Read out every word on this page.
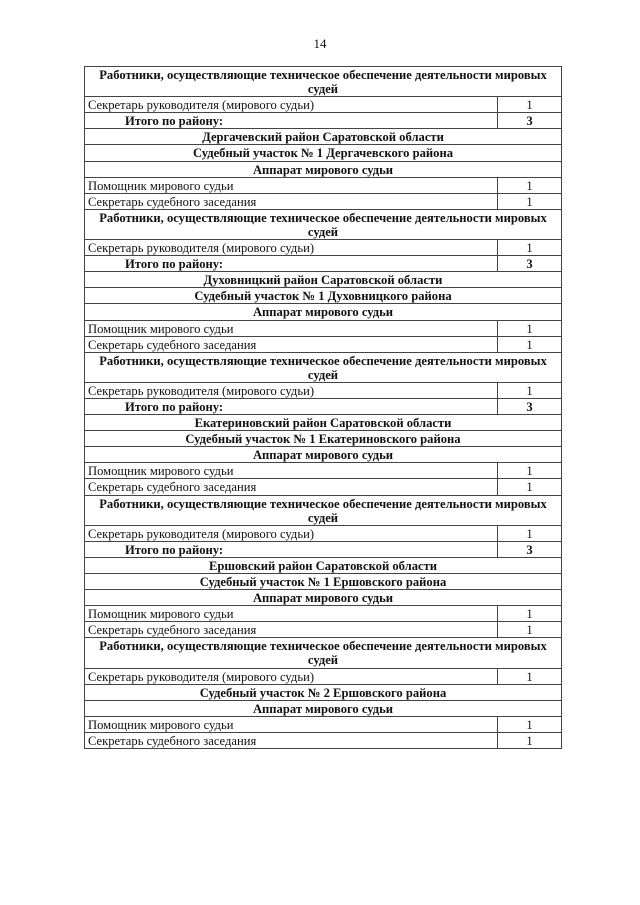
14
Работники, осуществляющие техническое обеспечение деятельности мировых судей	
Секретарь руководителя (мирового судьи)	1
Итого по району:	3
Дергачевский район Саратовской области	
Судебный участок № 1 Дергачевского района	
Аппарат мирового судьи	
Помощник мирового судьи	1
Секретарь судебного заседания	1
Работники, осуществляющие техническое обеспечение деятельности мировых судей	
Секретарь руководителя (мирового судьи)	1
Итого по району:	3
Духовницкий район Саратовской области	
Судебный участок № 1 Духовницкого района	
Аппарат мирового судьи	
Помощник мирового судьи	1
Секретарь судебного заседания	1
Работники, осуществляющие техническое обеспечение деятельности мировых судей	
Секретарь руководителя (мирового судьи)	1
Итого по району:	3
Екатериновский район Саратовской области	
Судебный участок № 1 Екатериновского района	
Аппарат мирового судьи	
Помощник мирового судьи	1
Секретарь судебного заседания	1
Работники, осуществляющие техническое обеспечение деятельности мировых судей	
Секретарь руководителя (мирового судьи)	1
Итого по району:	3
Ершовский район Саратовской области	
Судебный участок № 1 Ершовского района	
Аппарат мирового судьи	
Помощник мирового судьи	1
Секретарь судебного заседания	1
Работники, осуществляющие техническое обеспечение деятельности мировых судей	
Секретарь руководителя (мирового судьи)	1
Судебный участок № 2 Ершовского района	
Аппарат мирового судьи	
Помощник мирового судьи	1
Секретарь судебного заседания	1
